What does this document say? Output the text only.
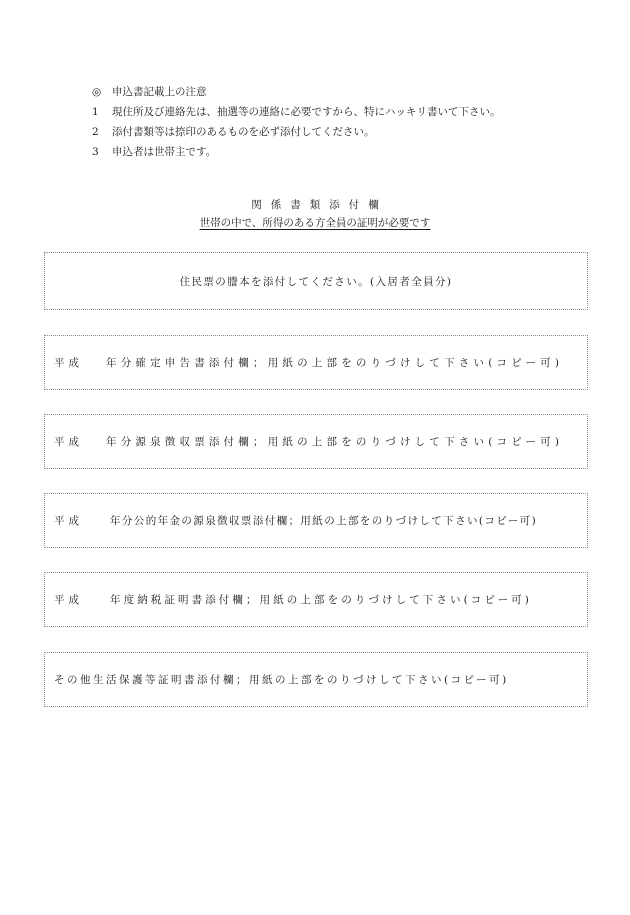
◎	申込書記載上の注意
1	現住所及び連絡先は、抽選等の連絡に必要ですから、特にハッキリ書いて下さい。
2	添付書類等は捺印のあるものを必ず添付してください。
3	申込者は世帯主です。
関係書類添付欄
世帯の中で、所得のある方全員の証明が必要です
住民票の謄本を添付してください。(入居者全員分)
平成	年分確定申告書添付欄；用紙の上部をのりづけして下さい(コピー可)
平成	年分源泉徴収票添付欄；用紙の上部をのりづけして下さい(コピー可)
平成	年分公的年金の源泉徴収票添付欄；用紙の上部をのりづけして下さい(コピー可)
平成	年度納税証明書添付欄；用紙の上部をのりづけして下さい(コピー可)
その他生活保護等証明書添付欄；用紙の上部をのりづけして下さい(コピー可)
